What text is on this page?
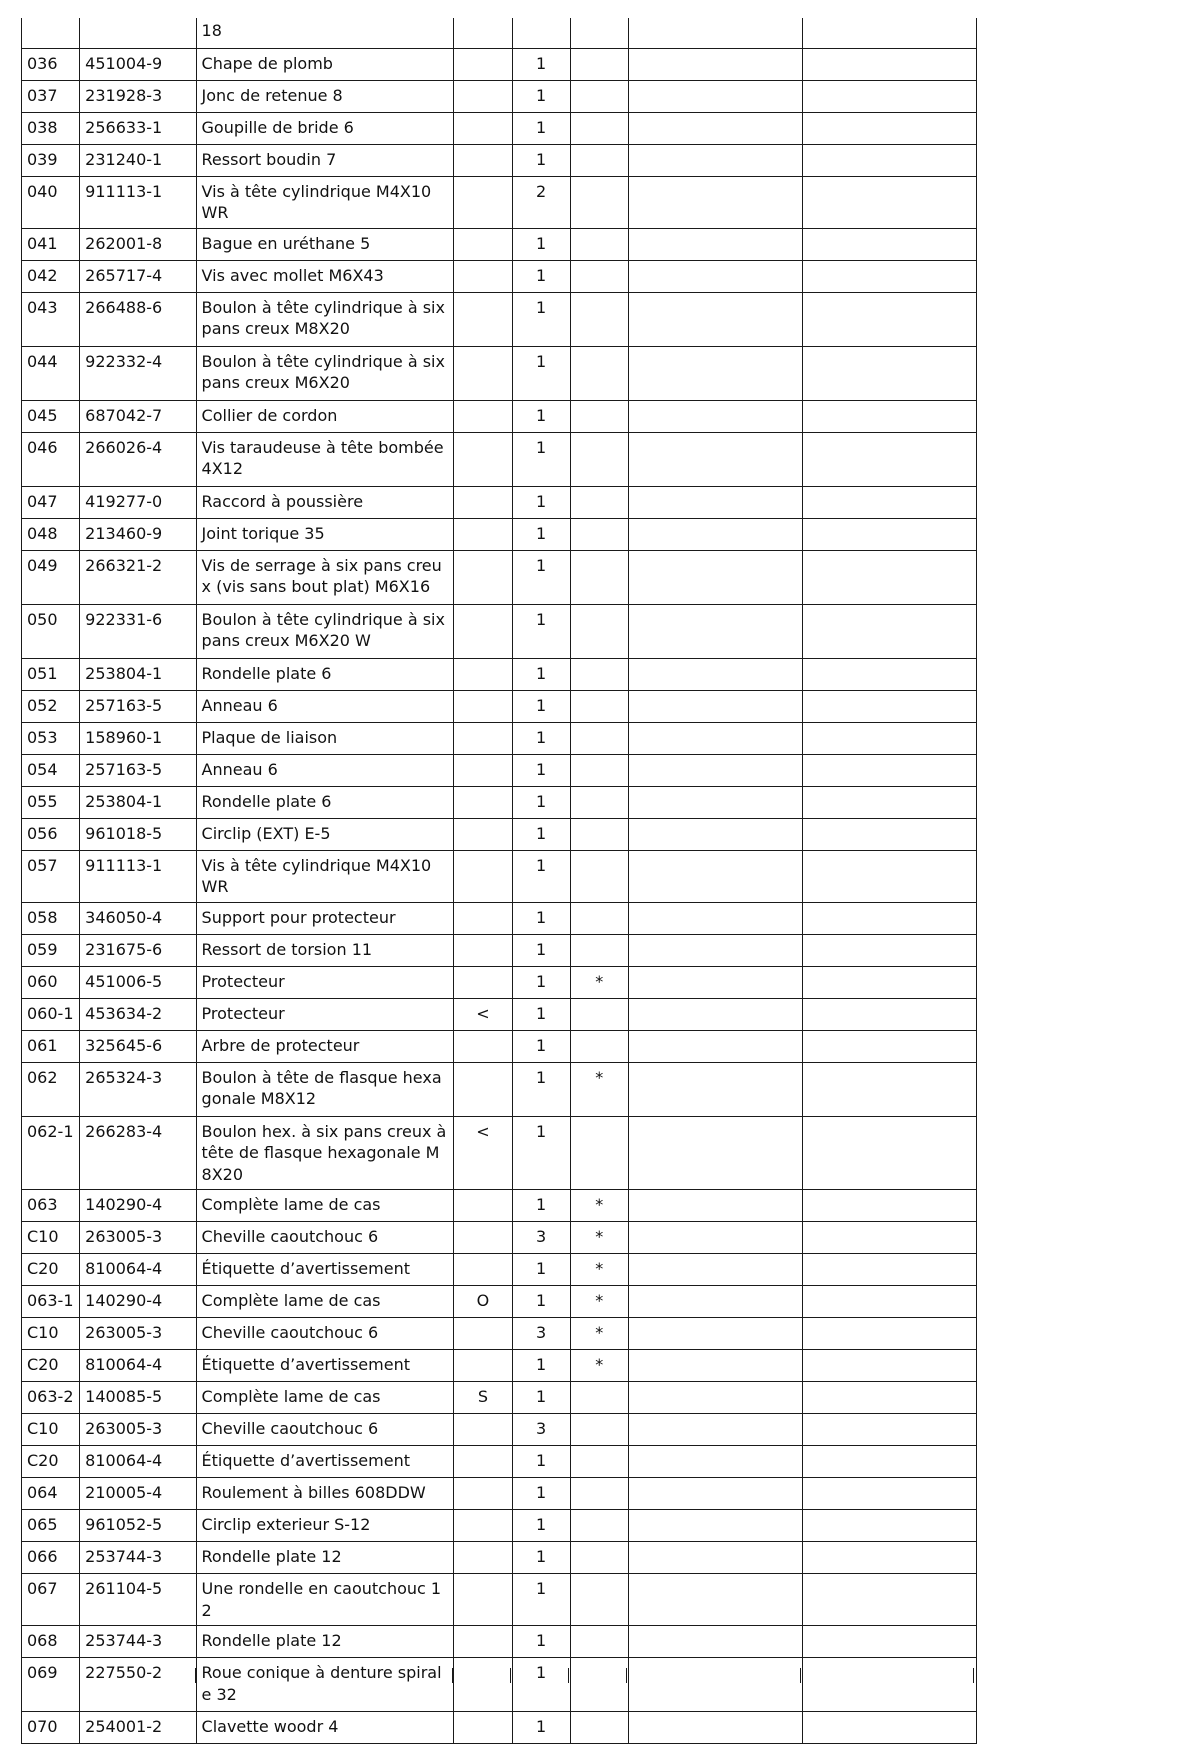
		18					
036	451004-9	Chape de plomb		1			
037	231928-3	Jonc de retenue 8		1			
038	256633-1	Goupille de bride 6		1			
039	231240-1	Ressort boudin 7		1			
040	911113-1	Vis à tête cylindrique M4X10 WR		2			
041	262001-8	Bague en uréthane 5		1			
042	265717-4	Vis avec mollet M6X43		1			
043	266488-6	Boulon à tête cylindrique à six pans creux M8X20		1			
044	922332-4	Boulon à tête cylindrique à six pans creux M6X20		1			
045	687042-7	Collier de cordon		1			
046	266026-4	Vis taraudeuse à tête bombée 4X12		1			
047	419277-0	Raccord à poussière		1			
048	213460-9	Joint torique 35		1			
049	266321-2	Vis de serrage à six pans creux (vis sans bout plat) M6X16		1			
050	922331-6	Boulon à tête cylindrique à six pans creux M6X20 W		1			
051	253804-1	Rondelle plate 6		1			
052	257163-5	Anneau 6		1			
053	158960-1	Plaque de liaison		1			
054	257163-5	Anneau 6		1			
055	253804-1	Rondelle plate 6		1			
056	961018-5	Circlip (EXT) E-5		1			
057	911113-1	Vis à tête cylindrique M4X10 WR		1			
058	346050-4	Support pour protecteur		1			
059	231675-6	Ressort de torsion 11		1			
060	451006-5	Protecteur		1	*		
060-1	453634-2	Protecteur	<	1			
061	325645-6	Arbre de protecteur		1			
062	265324-3	Boulon à tête de flasque hexagonale M8X12		1	*		
062-1	266283-4	Boulon hex. à six pans creux à tête de flasque hexagonale M8X20	<	1			
063	140290-4	Complète lame de cas		1	*		
C10	263005-3	Cheville caoutchouc 6		3	*		
C20	810064-4	Étiquette d’avertissement		1	*		
063-1	140290-4	Complète lame de cas	O	1	*		
C10	263005-3	Cheville caoutchouc 6		3	*		
C20	810064-4	Étiquette d’avertissement		1	*		
063-2	140085-5	Complète lame de cas	S	1			
C10	263005-3	Cheville caoutchouc 6		3			
C20	810064-4	Étiquette d’avertissement		1			
064	210005-4	Roulement à billes 608DDW		1			
065	961052-5	Circlip exterieur S-12		1			
066	253744-3	Rondelle plate 12		1			
067	261104-5	Une rondelle en caoutchouc 12		1			
068	253744-3	Rondelle plate 12		1			
069	227550-2	Roue conique à denture spirale 32		1			
070	254001-2	Clavette woodr 4		1			
